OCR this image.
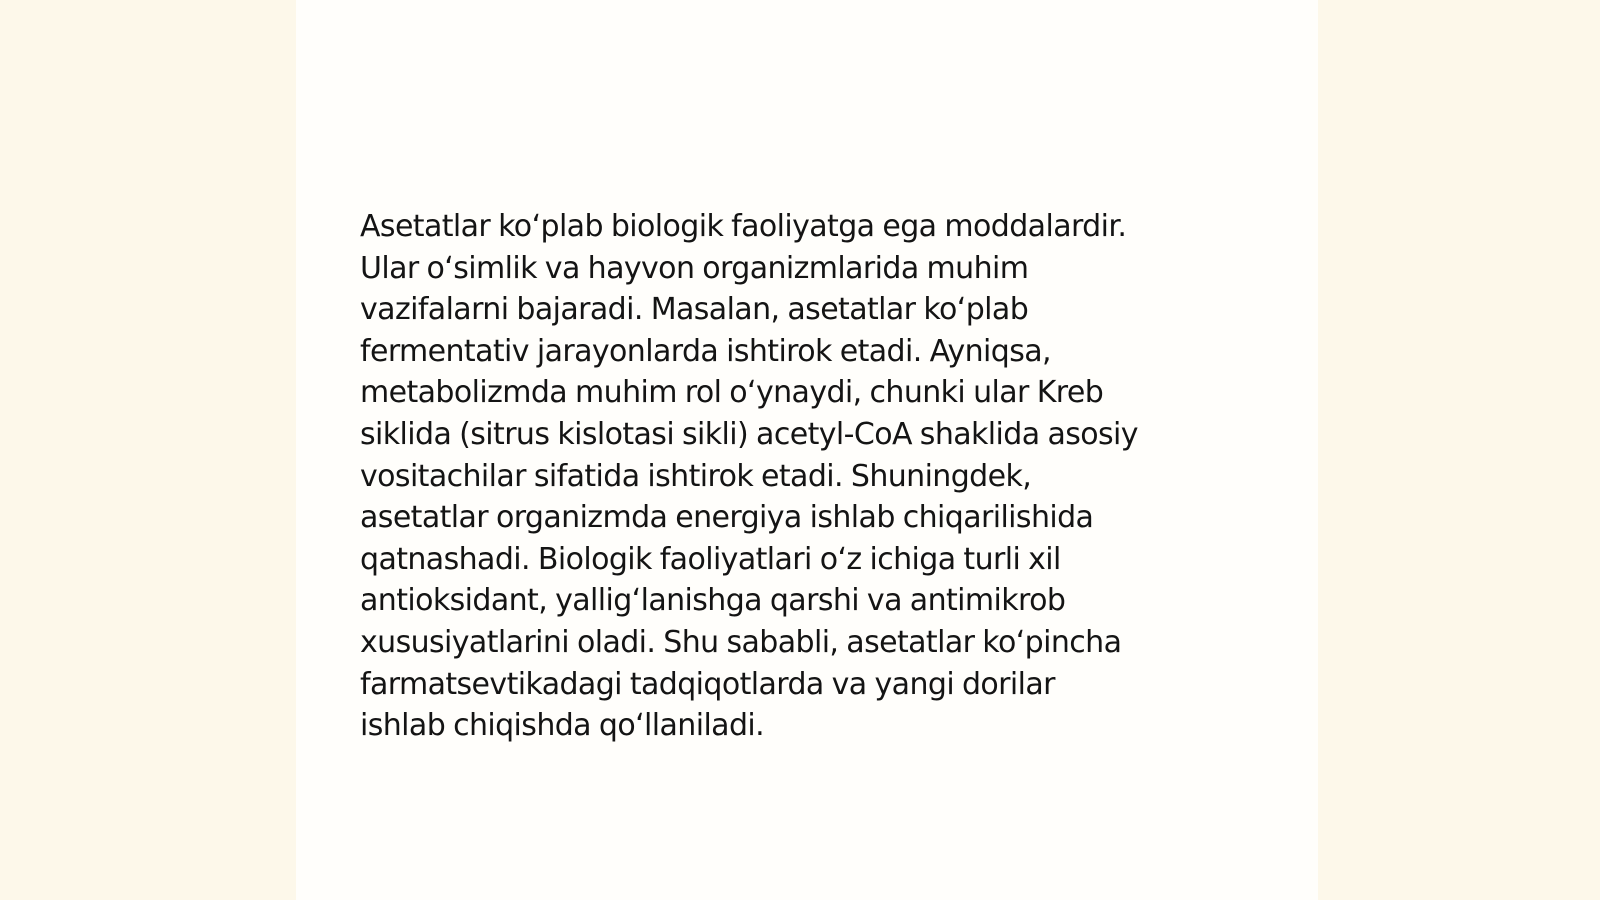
Asetatlar ko‘plab biologik faoliyatga ega moddalardir.
Ular o‘simlik va hayvon organizmlarida muhim
vazifalarni bajaradi. Masalan, asetatlar ko‘plab
fermentativ jarayonlarda ishtirok etadi. Ayniqsa,
metabolizmda muhim rol o‘ynaydi, chunki ular Kreb
siklida (sitrus kislotasi sikli) acetyl-CoA shaklida asosiy
vositachilar sifatida ishtirok etadi. Shuningdek,
asetatlar organizmda energiya ishlab chiqarilishida
qatnashadi. Biologik faoliyatlari o‘z ichiga turli xil
antioksidant, yallig‘lanishga qarshi va antimikrob
xususiyatlarini oladi. Shu sababli, asetatlar ko‘pincha
farmatsevtikadagi tadqiqotlarda va yangi dorilar
ishlab chiqishda qo‘llaniladi.
